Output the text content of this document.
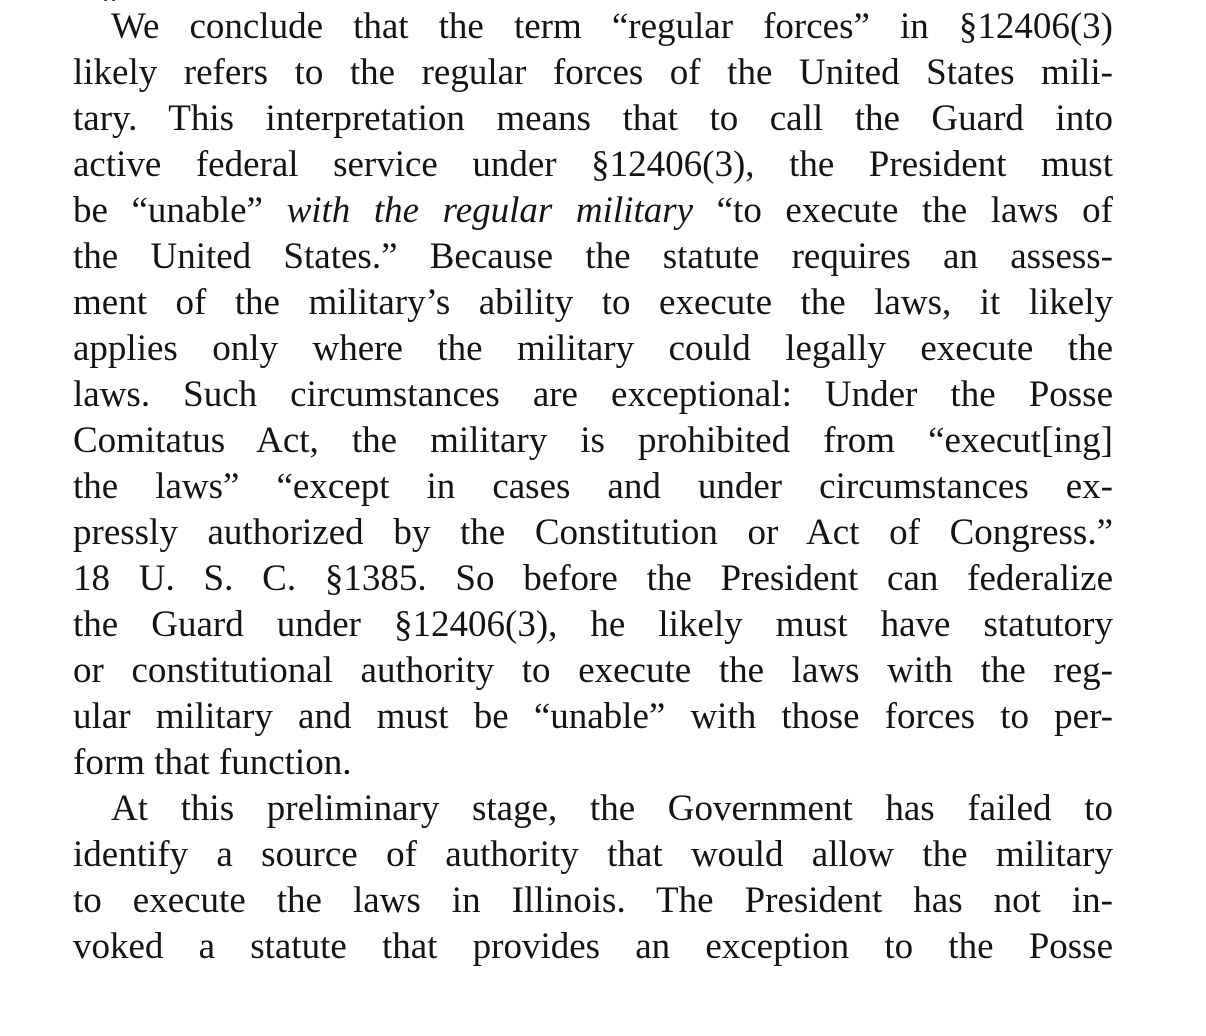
We conclude that the term “regular forces” in §12406(3)
likely refers to the regular forces of the United States mili-
tary. This interpretation means that to call the Guard into
active federal service under §12406(3), the President must
be “unable” with the regular military “to execute the laws of
the United States.” Because the statute requires an assess-
ment of the military’s ability to execute the laws, it likely
applies only where the military could legally execute the
laws. Such circumstances are exceptional: Under the Posse
Comitatus Act, the military is prohibited from “execut[ing]
the laws” “except in cases and under circumstances ex-
pressly authorized by the Constitution or Act of Congress.”
18 U. S. C. §1385. So before the President can federalize
the Guard under §12406(3), he likely must have statutory
or constitutional authority to execute the laws with the reg-
ular military and must be “unable” with those forces to per-
form that function.
At this preliminary stage, the Government has failed to
identify a source of authority that would allow the military
to execute the laws in Illinois. The President has not in-
voked a statute that provides an exception to the Posse
